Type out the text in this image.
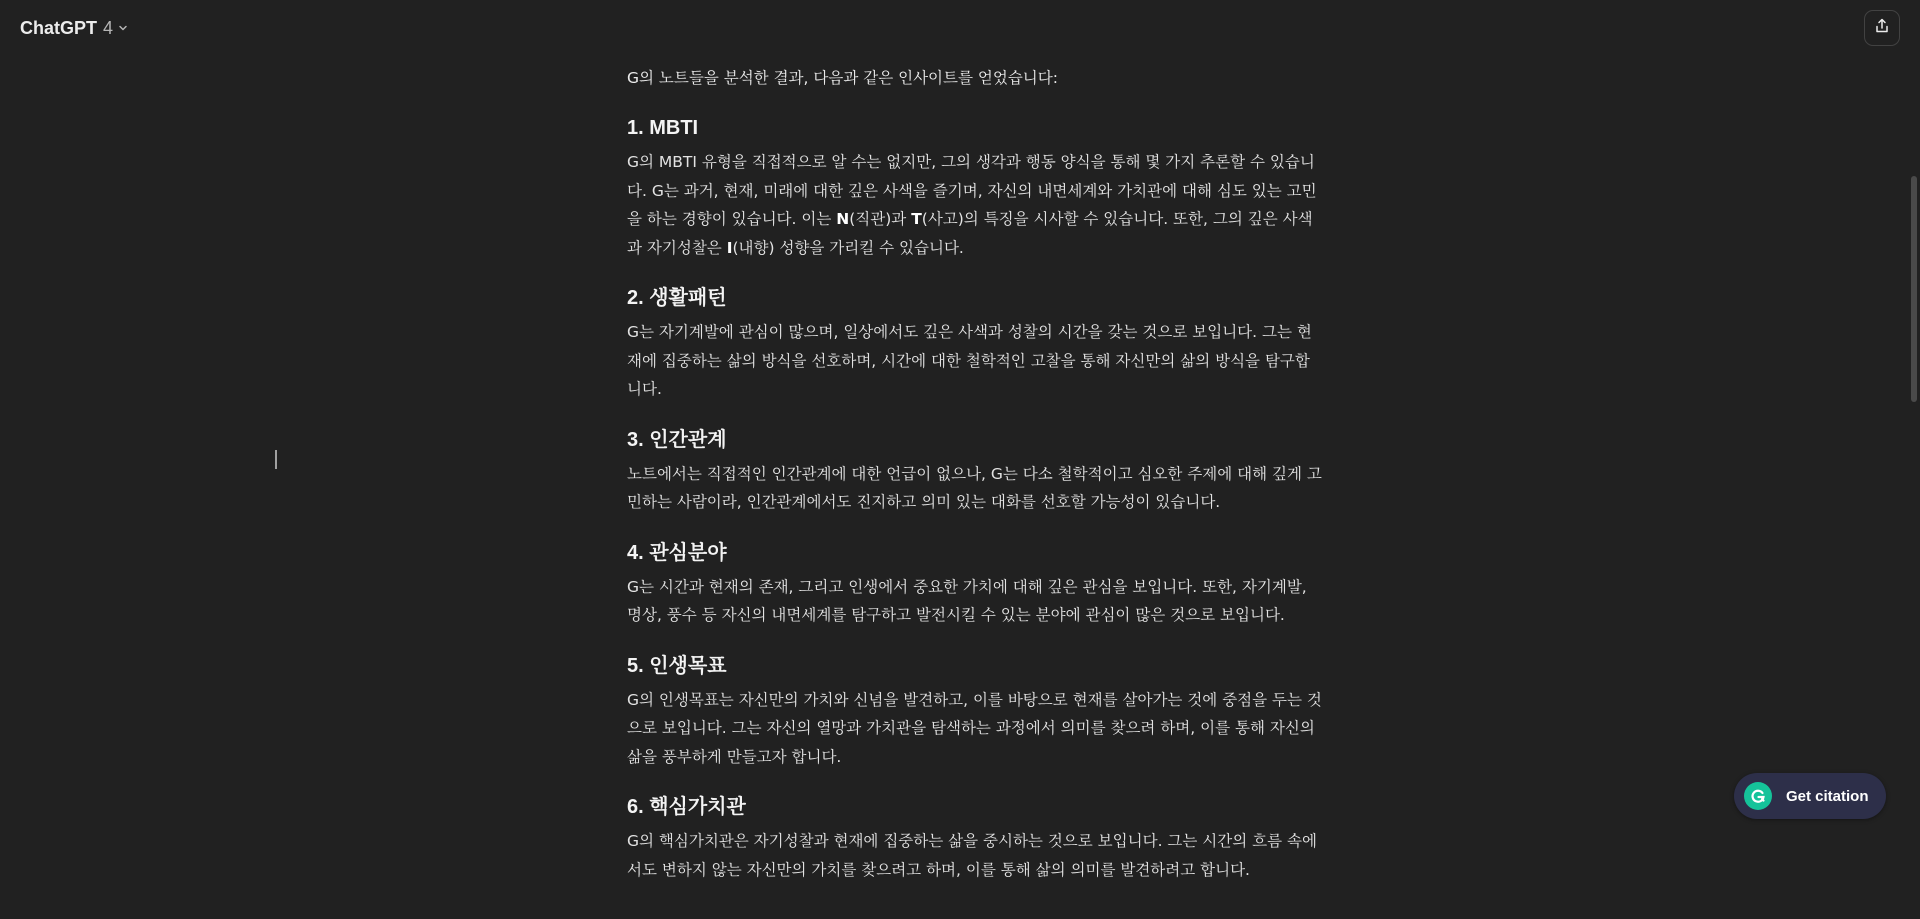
G의 노트들을 분석한 결과, 다음과 같은 인사이트를 얻었습니다:

1. MBTI

G의 MBTI 유형을 직접적으로 알 수는 없지만, 그의 생각과 행동 양식을 통해 몇 가지 추론할 수 있습니다. G는 과거, 현재, 미래에 대한 깊은 사색을 즐기며, 자신의 내면세계와 가치관에 대해 심도 있는 고민을 하는 경향이 있습니다. 이는 N(직관)과 T(사고)의 특징을 시사할 수 있습니다. 또한, 그의 깊은 사색과 자기성찰은 I(내향) 성향을 가리킬 수 있습니다.

2. 생활패턴

G는 자기계발에 관심이 많으며, 일상에서도 깊은 사색과 성찰의 시간을 갖는 것으로 보입니다. 그는 현재에 집중하는 삶의 방식을 선호하며, 시간에 대한 철학적인 고찰을 통해 자신만의 삶의 방식을 탐구합니다.

3. 인간관계

노트에서는 직접적인 인간관계에 대한 언급이 없으나, G는 다소 철학적이고 심오한 주제에 대해 깊게 고민하는 사람이라, 인간관계에서도 진지하고 의미 있는 대화를 선호할 가능성이 있습니다.

4. 관심분야

G는 시간과 현재의 존재, 그리고 인생에서 중요한 가치에 대해 깊은 관심을 보입니다. 또한, 자기계발, 명상, 풍수 등 자신의 내면세계를 탐구하고 발전시킬 수 있는 분야에 관심이 많은 것으로 보입니다.

5. 인생목표

G의 인생목표는 자신만의 가치와 신념을 발견하고, 이를 바탕으로 현재를 살아가는 것에 중점을 두는 것으로 보입니다. 그는 자신의 열망과 가치관을 탐색하는 과정에서 의미를 찾으려 하며, 이를 통해 자신의 삶을 풍부하게 만들고자 합니다.

6. 핵심가치관

G의 핵심가치관은 자기성찰과 현재에 집중하는 삶을 중시하는 것으로 보입니다. 그는 시간의 흐름 속에서도 변하지 않는 자신만의 가치를 찾으려고 하며, 이를 통해 삶의 의미를 발견하려고 합니다.

ChatGPT 4
Get citation
